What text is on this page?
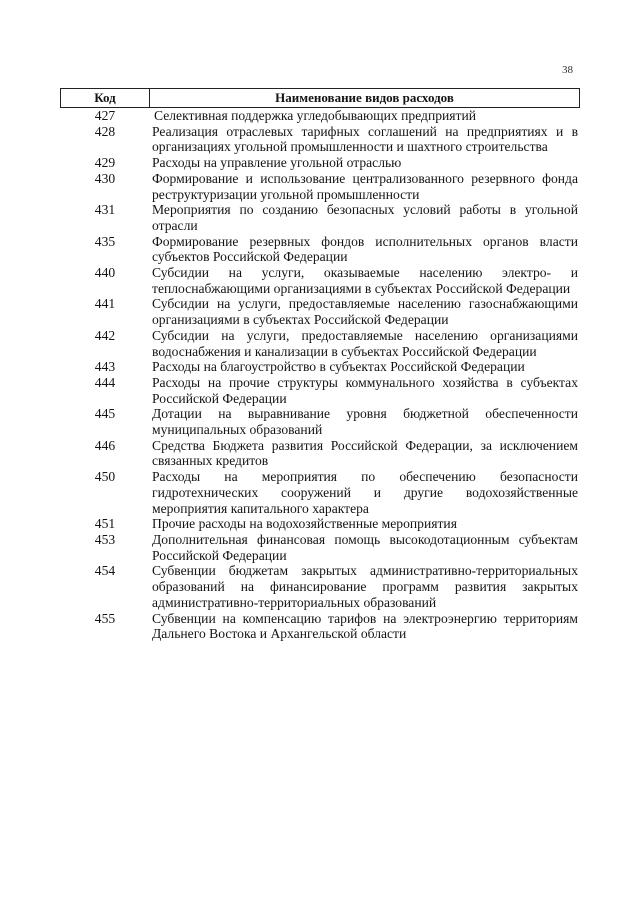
38
Код	Наименование видов расходов
427	Селективная поддержка угледобывающих предприятий
428	Реализация отраслевых тарифных соглашений на предприятиях и в организациях угольной промышленности и шахтного строительства
429	Расходы на управление угольной отраслью
430	Формирование и использование централизованного резервного фонда реструктуризации угольной промышленности
431	Мероприятия по созданию безопасных условий работы в угольной отрасли
435	Формирование резервных фондов исполнительных органов власти субъектов Российской Федерации
440	Субсидии на услуги, оказываемые населению электро- и теплоснабжающими организациями в субъектах Российской Федерации
441	Субсидии на услуги, предоставляемые населению газоснабжающими организациями в субъектах Российской Федерации
442	Субсидии на услуги, предоставляемые населению организациями водоснабжения и канализации в субъектах Российской Федерации
443	Расходы на благоустройство в субъектах Российской Федерации
444	Расходы на прочие структуры коммунального хозяйства в субъектах Российской Федерации
445	Дотации на выравнивание уровня бюджетной обеспеченности муниципальных образований
446	Средства Бюджета развития Российской Федерации, за исключением связанных кредитов
450	Расходы на мероприятия по обеспечению безопасности гидротехнических сооружений и другие водохозяйственные мероприятия капитального характера
451	Прочие расходы на водохозяйственные мероприятия
453	Дополнительная финансовая помощь высокодотационным субъектам Российской Федерации
454	Субвенции бюджетам закрытых административно-территориальных образований на финансирование программ развития закрытых административно-территориальных образований
455	Субвенции на компенсацию тарифов на электроэнергию территориям Дальнего Востока и Архангельской области
